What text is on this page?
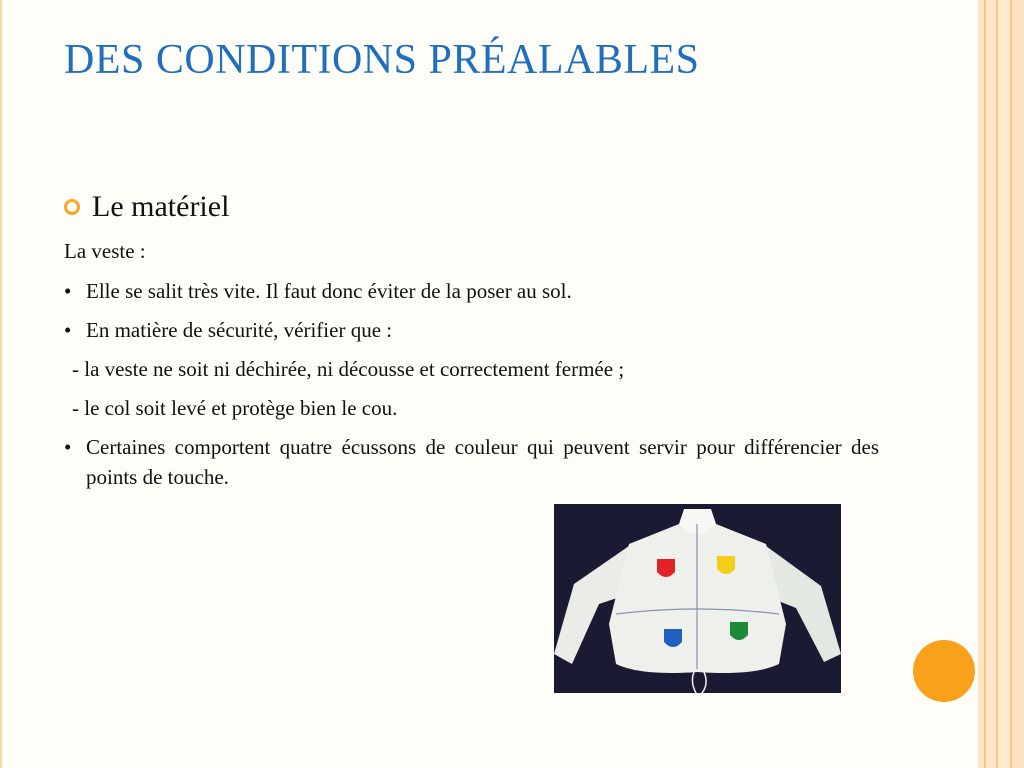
DES CONDITIONS PRÉALABLES
Le matériel
La veste :
• Elle se salit très vite. Il faut donc éviter de la poser au sol.
• En matière de sécurité, vérifier que :
- la veste ne soit ni déchirée, ni décousse et correctement fermée ;
- le col soit levé et protège bien le cou.
• Certaines comportent quatre écussons de couleur qui peuvent servir pour différencier des points de touche.
